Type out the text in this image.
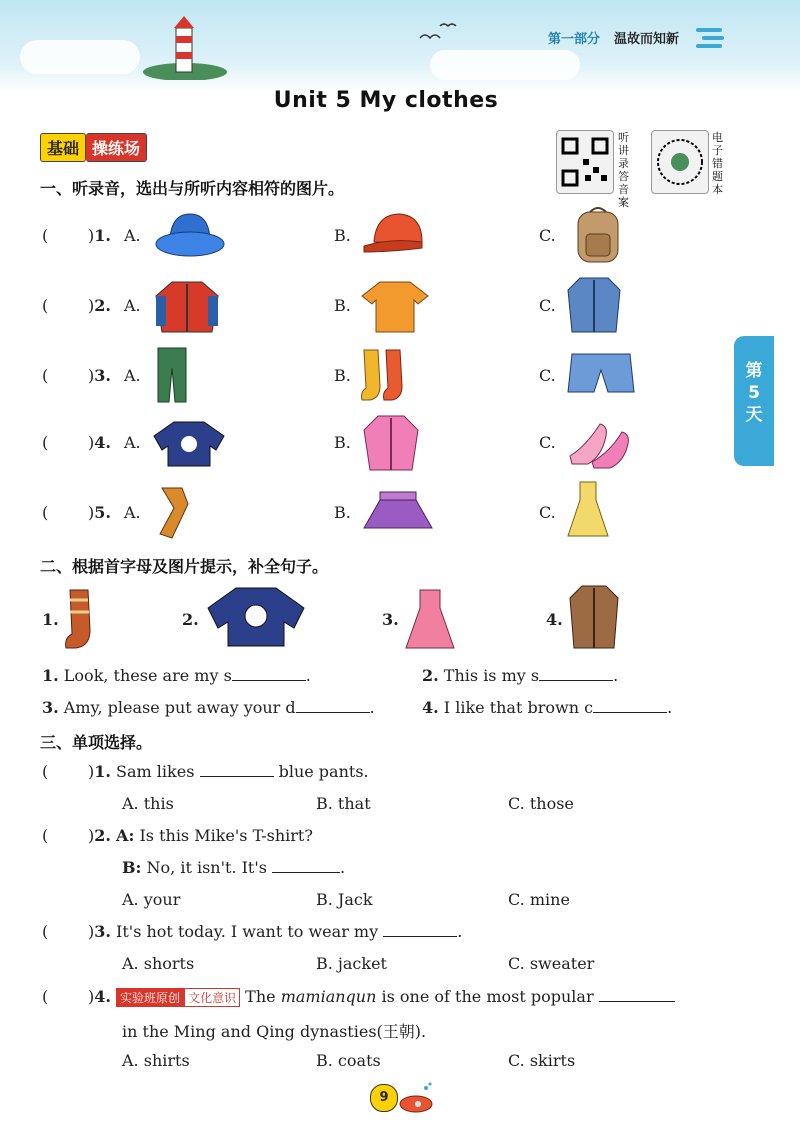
第一部分 温故而知新
Unit 5 My clothes
基础 操练场
听讲录答音案
电子错题本
第
5
天
一、听录音，选出与所听内容相符的图片。
( )1. A.	B.	C.
( )2. A.	B.	C.
( )3. A.	B.	C.
( )4. A.	B.	C.
( )5. A.	B.	C.
二、根据首字母及图片提示，补全句子。
1.	2.	3.	4.
1. Look, these are my s	.	2. This is my s	.
3. Amy, please put away your d	.	4. I like that brown c	.
三、单项选择。
( )1. Sam likes	blue pants.
A. this	B. that	C. those
( )2. A: Is this Mike's T-shirt?
B: No, it isn't. It's	.
A. your	B. Jack	C. mine
( )3. It's hot today. I want to wear my	.
A. shorts	B. jacket	C. sweater
( )4. 实验班原创 文化意识 The mamianqun is one of the most popular
in the Ming and Qing dynasties(王朝).
A. shirts	B. coats	C. skirts
9
